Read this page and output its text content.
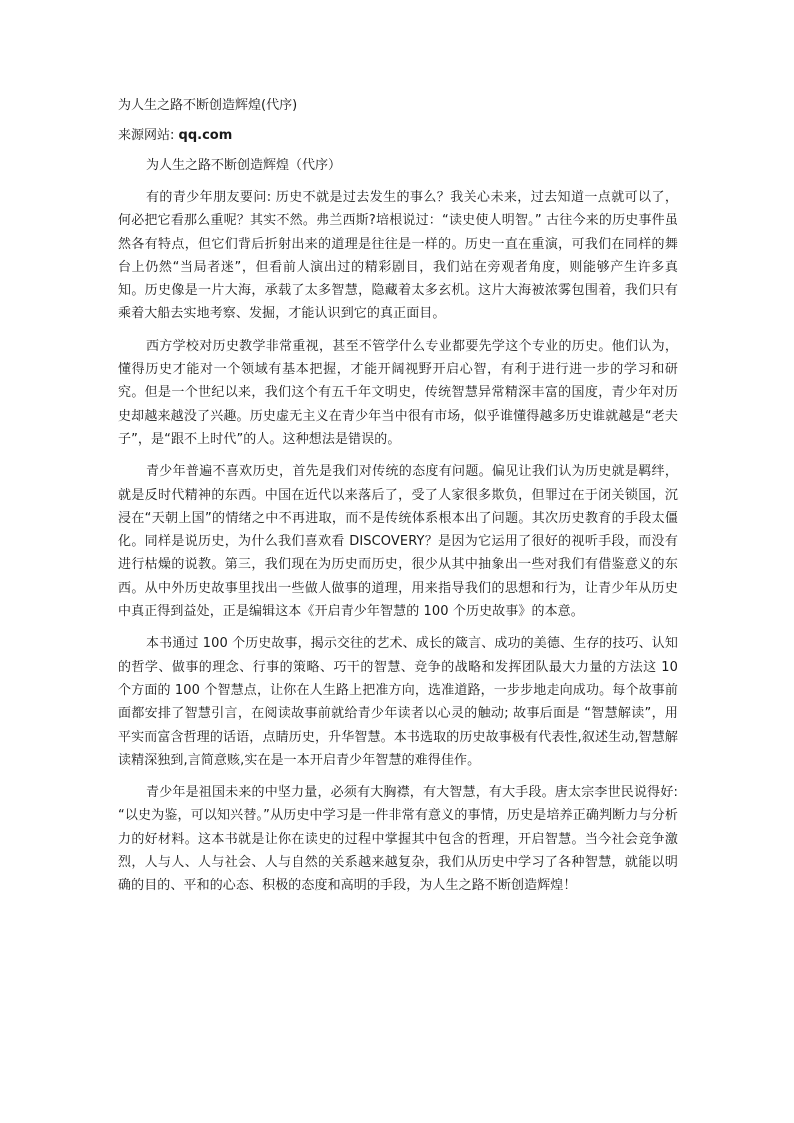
为人生之路不断创造辉煌(代序)

来源网站: qq.com

为人生之路不断创造辉煌（代序）

有的青少年朋友要问: 历史不就是过去发生的事么？我关心未来，过去知道一点就可以了，何必把它看那么重呢？其实不然。弗兰西斯?培根说过：“读史使人明智。” 古往今来的历史事件虽然各有特点，但它们背后折射出来的道理是往往是一样的。历史一直在重演，可我们在同样的舞台上仍然“当局者迷”，但看前人演出过的精彩剧目，我们站在旁观者角度，则能够产生许多真知。历史像是一片大海，承载了太多智慧，隐藏着太多玄机。这片大海被浓雾包围着，我们只有乘着大船去实地考察、发掘，才能认识到它的真正面目。

西方学校对历史教学非常重视，甚至不管学什么专业都要先学这个专业的历史。他们认为，懂得历史才能对一个领域有基本把握，才能开阔视野开启心智，有利于进行进一步的学习和研究。但是一个世纪以来，我们这个有五千年文明史，传统智慧异常精深丰富的国度，青少年对历史却越来越没了兴趣。历史虚无主义在青少年当中很有市场，似乎谁懂得越多历史谁就越是“老夫子”，是“跟不上时代”的人。这种想法是错误的。

青少年普遍不喜欢历史，首先是我们对传统的态度有问题。偏见让我们认为历史就是羁绊，就是反时代精神的东西。中国在近代以来落后了，受了人家很多欺负，但罪过在于闭关锁国，沉浸在“天朝上国”的情绪之中不再进取，而不是传统体系根本出了问题。其次历史教育的手段太僵化。同样是说历史，为什么我们喜欢看 DISCOVERY？是因为它运用了很好的视听手段，而没有进行枯燥的说教。第三，我们现在为历史而历史，很少从其中抽象出一些对我们有借鉴意义的东西。从中外历史故事里找出一些做人做事的道理，用来指导我们的思想和行为，让青少年从历史中真正得到益处，正是编辑这本《开启青少年智慧的 100 个历史故事》的本意。

本书通过 100 个历史故事，揭示交往的艺术、成长的箴言、成功的美德、生存的技巧、认知的哲学、做事的理念、行事的策略、巧干的智慧、竞争的战略和发挥团队最大力量的方法这 10 个方面的 100 个智慧点，让你在人生路上把准方向，选准道路，一步步地走向成功。每个故事前面都安排了智慧引言，在阅读故事前就给青少年读者以心灵的触动; 故事后面是 “智慧解读”，用平实而富含哲理的话语，点睛历史，升华智慧。本书选取的历史故事极有代表性,叙述生动,智慧解读精深独到,言简意赅,实在是一本开启青少年智慧的难得佳作。

青少年是祖国未来的中坚力量，必须有大胸襟，有大智慧，有大手段。唐太宗李世民说得好: “以史为鉴，可以知兴替。”从历史中学习是一件非常有意义的事情，历史是培养正确判断力与分析力的好材料。这本书就是让你在读史的过程中掌握其中包含的哲理，开启智慧。当今社会竞争激烈，人与人、人与社会、人与自然的关系越来越复杂，我们从历史中学习了各种智慧，就能以明确的目的、平和的心态、积极的态度和高明的手段，为人生之路不断创造辉煌！
